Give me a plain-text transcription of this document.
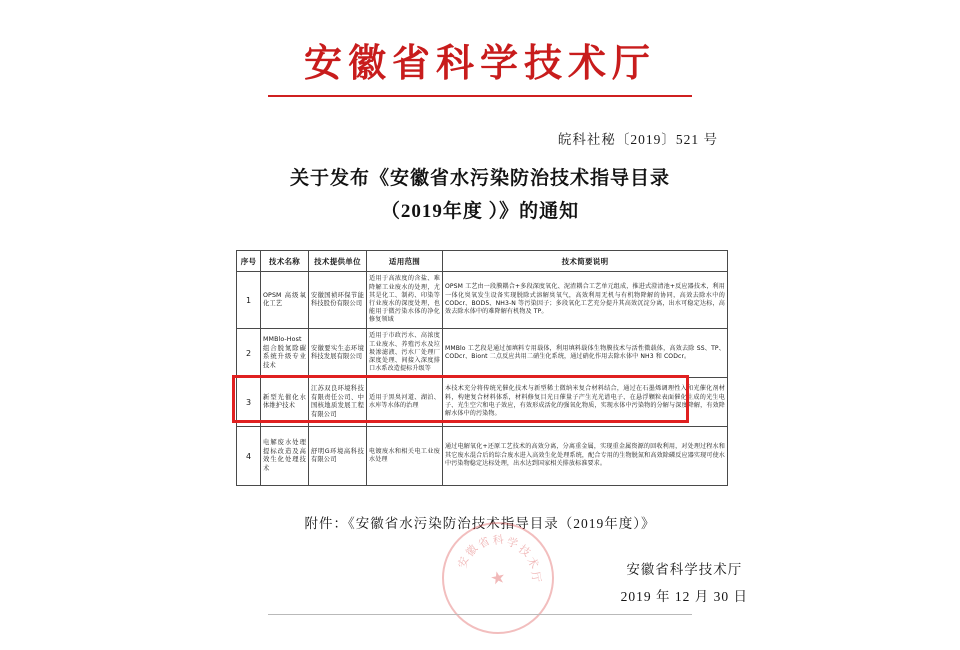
安徽省科学技术厅
皖科社秘〔2019〕521 号
关于发布《安徽省水污染防治技术指导目录
（2019年度 ）》的通知
序号	技术名称	技术提供单位	适用范围	技术简要说明
1	OPSM 高级氧化工艺	安徽国祯环保节能科技股份有限公司	适用于高浓度的含盐、难降解工业废水的处理，尤其是化工、制药、印染等行业废水的深度处理，也能用于微污染水体的净化修复领域	OPSM 工艺由一段膜耦合+多段深度氧化、泥渣耦合工艺单元组成，推进式澄清池+反应器技术，利用一体化臭氧发生设备实现脱除式溶解臭氧气，高效利用无机与有机物降解的协同，高效去除水中的 CODcr、BOD5、NH3-N 等污染因子；多段氧化工艺充分提升其高效沉淀分离，出水可稳定达标，高效去除水体中的难降解有机物及 TP。
2	MMBlo-Host 组合脱氮除碳系统升级专业技术	安徽要实生态环境科技发展有限公司	适用于市政污水、高浓度工业废水、养殖污水及垃圾渗滤液、污水厂处理厂深度处理、间接入深度排口水系改造提标升级等	MMBlo 工艺段是通过加填料专用载体，利用填料载体生物膜技术与活性微载体，高效去除 SS、TP、CODcr、Biont 二点反应共用二硝生化系统，通过硝化作用去除水体中 NH3 和 CODcr。
3	新型光催化水体维护技术	江苏双良环境科技有限责任公司、中国核地质发展工程有限公司	适用于黑臭河道、湖泊、水库等水体的治理	本技术充分将传统光催化技术与新型稀土微纳米复合材料结合，通过在石墨烯调理性入和光催化剂材料，构建复合材料体系，材料修复目光日催量子产生光光谱电子、在悬浮颗粒表面催化生成的光生电子、光生空穴和电子效应，有效形成活化的强氧化物质，实现水体中污染物的分解与深度降解，有效降解水体中的污染物。
4	电解废水处理提标改造及高效生化处理技术	舒明G环境高科技有限公司	电镀废水和相关电工业废水处理	通过电解氧化+还原工艺技术的高效分离，分离重金属，实现重金属资源的回收利用，对处理过程水和其它废水混合后的综合废水进入高效生化处理系统，配合专用的生物脱氮和高效除磷反应器实现可使水中污染物稳定达标处理，出水达到国家相关排放标准要求。
附件：《安徽省水污染防治技术指导目录（2019年度）》
安
徽
省 科 学
技
术
厅
★	安徽省科学技术厅
2019 年 12 月 30 日
